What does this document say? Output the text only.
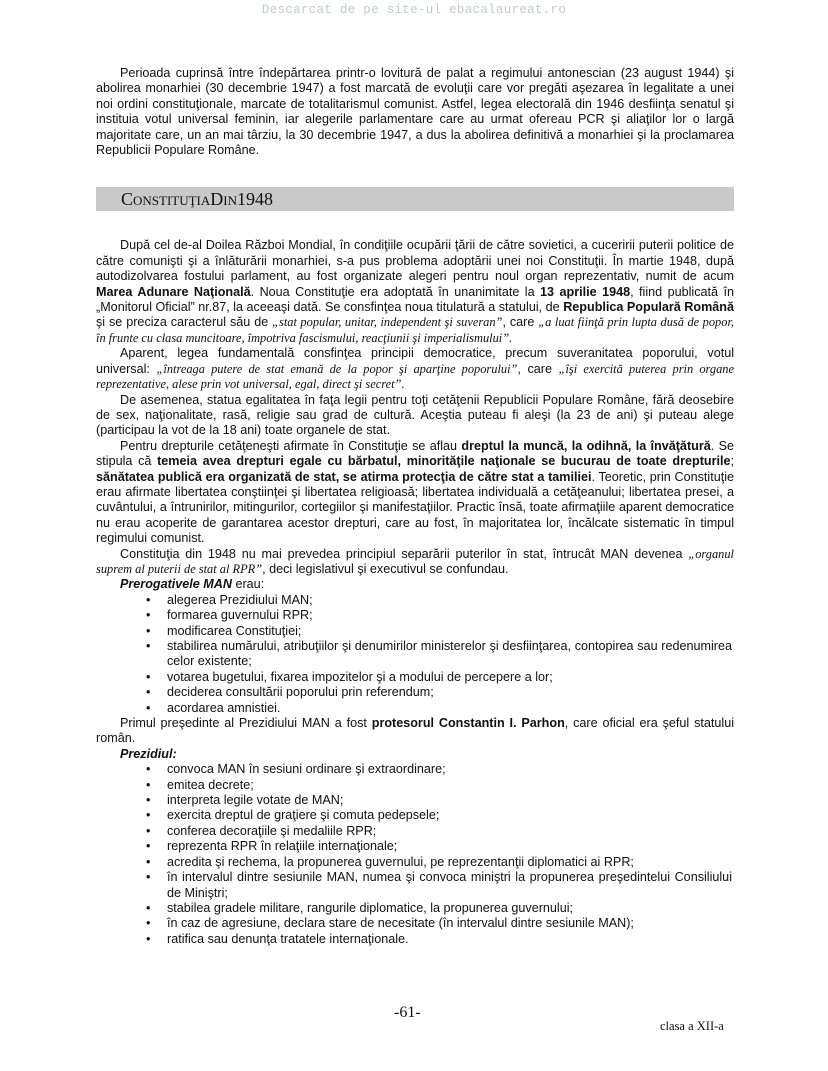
Descarcat de pe site-ul ebacalaureat.ro

Perioada cuprinsă între îndepărtarea printr-o lovitură de palat a regimului antonescian (23 august 1944) şi abolirea monarhiei (30 decembrie 1947) a fost marcată de evoluţii care vor pregăti aşezarea în legalitate a unei noi ordini constituţionale, marcate de totalitarismul comunist. Astfel, legea electorală din 1946 desfiinţa senatul şi instituia votul universal feminin, iar alegerile parlamentare care au urmat ofereau PCR şi aliaţilor lor o largă majoritate care, un an mai târziu, la 30 decembrie 1947, a dus la abolirea definitivă a monarhiei şi la proclamarea Republicii Populare Române.

ConstituţiaDin1948

După cel de-al Doilea Război Mondial, în condiţiile ocupării ţării de către sovietici, a cuceririi puterii politice de către comunişti şi a înlăturării monarhiei, s-a pus problema adoptării unei noi Constituţii. În martie 1948, după autodizolvarea fostului parlament, au fost organizate alegeri pentru noul organ reprezentativ, numit de acum Marea Adunare Naţională. Noua Constituţie era adoptată în unanimitate la 13 aprilie 1948, fiind publicată în „Monitorul Oficial” nr.87, la aceeaşi dată. Se consfinţea noua titulatură a statului, de Republica Populară Română şi se preciza caracterul său de „stat popular, unitar, independent şi suveran”, care „a luat fiinţă prin lupta dusă de popor, în frunte cu clasa muncitoare, împotriva fascismului, reacţiunii şi imperialismului”.

Aparent, legea fundamentală consfinţea principii democratice, precum suveranitatea poporului, votul universal: „întreaga putere de stat emană de la popor şi aparţine poporului”, care „îşi exercită puterea prin organe reprezentative, alese prin vot universal, egal, direct şi secret”.

De asemenea, statua egalitatea în faţa legii pentru toţi cetăţenii Republicii Populare Române, fără deosebire de sex, naţionalitate, rasă, religie sau grad de cultură. Aceştia puteau fi aleşi (la 23 de ani) şi puteau alege (participau la vot de la 18 ani) toate organele de stat.

Pentru drepturile cetăţeneşti afirmate în Constituţie se aflau dreptul la muncă, la odihnă, la învăţătură. Se stipula că temeia avea drepturi egale cu bărbatul, minorităţile naţionale se bucurau de toate drepturile; sănătatea publică era organizată de stat, se atirma protecţia de către stat a tamiliei. Teoretic, prin Constituţie erau afirmate libertatea conştiinţei şi libertatea religioasă; libertatea individuală a cetăţeanului; libertatea presei, a cuvântului, a întrunirilor, mitingurilor, cortegiilor şi manifestaţiilor. Practic însă, toate afirmaţiile aparent democratice nu erau acoperite de garantarea acestor drepturi, care au fost, în majoritatea lor, încălcate sistematic în timpul regimului comunist.

Constituţia din 1948 nu mai prevedea principiul separării puterilor în stat, întrucât MAN devenea „organul suprem al puterii de stat al RPR”, deci legislativul şi executivul se confundau.

Prerogativele MAN erau:

• alegerea Prezidiului MAN;
• formarea guvernului RPR;
• modificarea Constituţiei;
• stabilirea numărului, atribuţiilor şi denumirilor ministerelor şi desfiinţarea, contopirea sau redenumirea celor existente;
• votarea bugetului, fixarea impozitelor şi a modului de percepere a lor;
• deciderea consultării poporului prin referendum;
• acordarea amnistiei.

Primul preşedinte al Prezidiului MAN a fost protesorul Constantin I. Parhon, care oficial era şeful statului român.

Prezidiul:

• convoca MAN în sesiuni ordinare şi extraordinare;
• emitea decrete;
• interpreta legile votate de MAN;
• exercita dreptul de graţiere şi comuta pedepsele;
• conferea decoraţiile şi medaliile RPR;
• reprezenta RPR în relaţiile internaţionale;
• acredita şi rechema, la propunerea guvernului, pe reprezentanţii diplomatici ai RPR;
• în intervalul dintre sesiunile MAN, numea şi convoca miniştri la propunerea preşedintelui Consiliului de Miniştri;
• stabilea gradele militare, rangurile diplomatice, la propunerea guvernului;
• în caz de agresiune, declara stare de necesitate (în intervalul dintre sesiunile MAN);
• ratifica sau denunţa tratatele internaţionale.
-61-
clasa a XII-a
